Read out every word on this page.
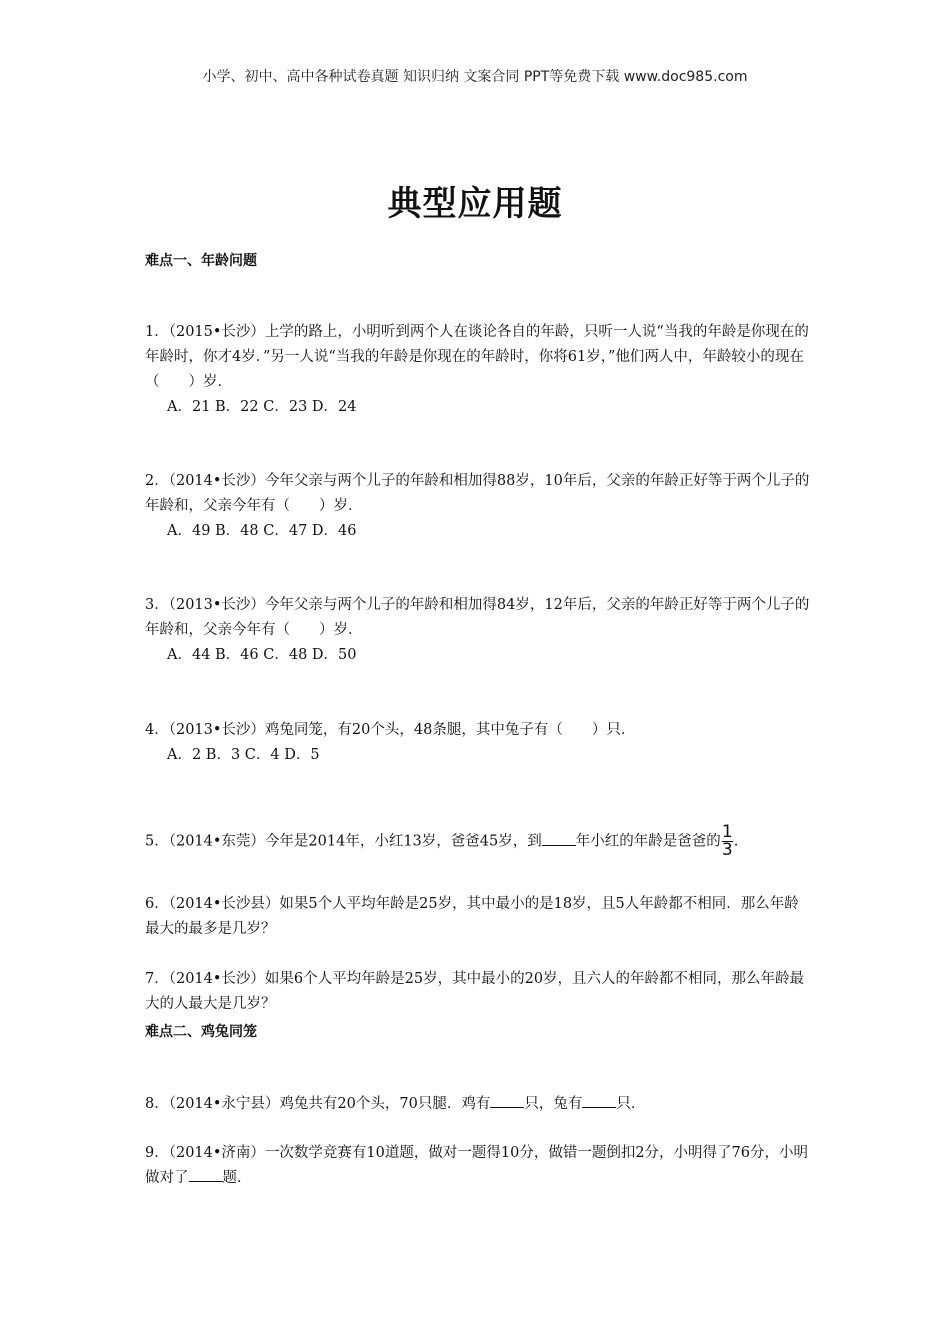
小学、初中、高中各种试卷真题 知识归纳 文案合同 PPT等免费下载 www.doc985.com
典型应用题
难点一、年龄问题
1．（2015•长沙）上学的路上，小明听到两个人在谈论各自的年龄，只听一人说“当我的年龄是你现在的年龄时，你才4岁．”另一人说“当我的年龄是你现在的年龄时，你将61岁，”他们两人中，年龄较小的现在（　　）岁．
A．21 B．22 C．23 D．24
2．（2014•长沙）今年父亲与两个儿子的年龄和相加得88岁，10年后，父亲的年龄正好等于两个儿子的年龄和，父亲今年有（　　）岁．
A．49 B．48 C．47 D．46
3．（2013•长沙）今年父亲与两个儿子的年龄和相加得84岁，12年后，父亲的年龄正好等于两个儿子的年龄和，父亲今年有（　　）岁．
A．44 B．46 C．48 D．50
4．（2013•长沙）鸡兔同笼，有20个头，48条腿，其中兔子有（　　）只．
A．2 B．3 C．4 D．5
5．（2014•东莞）今年是2014年，小红13岁，爸爸45岁，到 年小红的年龄是爸爸的 $\frac{1}{3}$ .
6．（2014•长沙县）如果5个人平均年龄是25岁，其中最小的是18岁，且5人年龄都不相同．那么年龄最大的最多是几岁？
7．（2014•长沙）如果6个人平均年龄是25岁，其中最小的20岁，且六人的年龄都不相同，那么年龄最大的人最大是几岁？
难点二、鸡兔同笼
8．（2014•永宁县）鸡兔共有20个头，70只腿．鸡有 只，兔有 只．
9．（2014•济南）一次数学竞赛有10道题，做对一题得10分，做错一题倒扣2分，小明得了76分，小明做对了 题．
